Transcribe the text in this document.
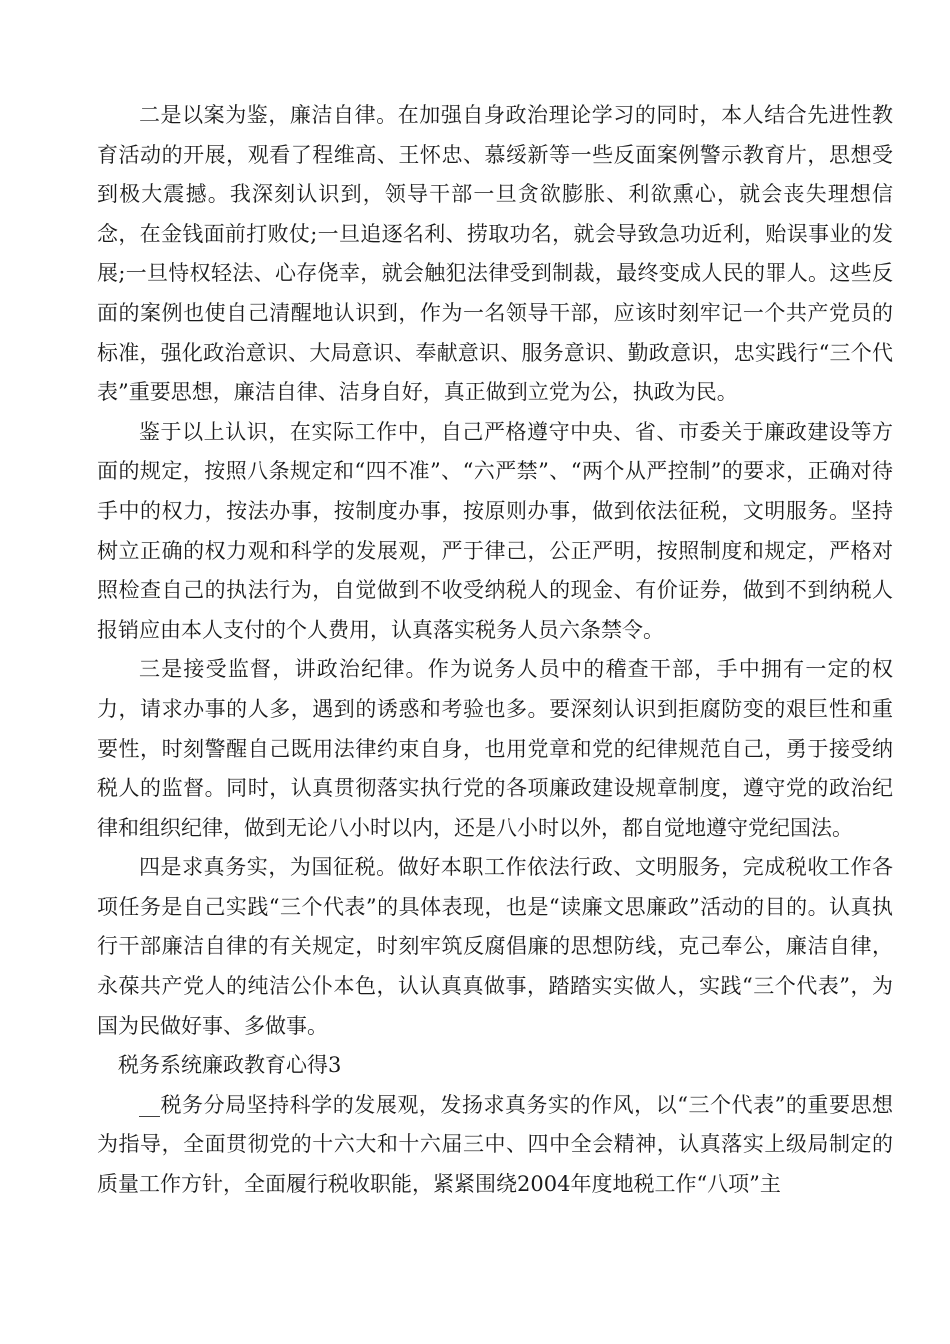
二是以案为鉴，廉洁自律。在加强自身政治理论学习的同时，本人结合先进性教育活动的开展，观看了程维高、王怀忠、慕绥新等一些反面案例警示教育片，思想受到极大震撼。我深刻认识到，领导干部一旦贪欲膨胀、利欲熏心，就会丧失理想信念，在金钱面前打败仗;一旦追逐名利、捞取功名，就会导致急功近利，贻误事业的发展;一旦恃权轻法、心存侥幸，就会触犯法律受到制裁，最终变成人民的罪人。这些反面的案例也使自己清醒地认识到，作为一名领导干部，应该时刻牢记一个共产党员的标准，强化政治意识、大局意识、奉献意识、服务意识、勤政意识，忠实践行“三个代表”重要思想，廉洁自律、洁身自好，真正做到立党为公，执政为民。

鉴于以上认识，在实际工作中，自己严格遵守中央、省、市委关于廉政建设等方面的规定，按照八条规定和“四不准”、“六严禁”、“两个从严控制”的要求，正确对待手中的权力，按法办事，按制度办事，按原则办事，做到依法征税，文明服务。坚持树立正确的权力观和科学的发展观，严于律己，公正严明，按照制度和规定，严格对照检查自己的执法行为，自觉做到不收受纳税人的现金、有价证券，做到不到纳税人报销应由本人支付的个人费用，认真落实税务人员六条禁令。

三是接受监督，讲政治纪律。作为说务人员中的稽查干部，手中拥有一定的权力，请求办事的人多，遇到的诱惑和考验也多。要深刻认识到拒腐防变的艰巨性和重要性，时刻警醒自己既用法律约束自身，也用党章和党的纪律规范自己，勇于接受纳税人的监督。同时，认真贯彻落实执行党的各项廉政建设规章制度，遵守党的政治纪律和组织纪律，做到无论八小时以内，还是八小时以外，都自觉地遵守党纪国法。

四是求真务实，为国征税。做好本职工作依法行政、文明服务，完成税收工作各项任务是自己实践“三个代表”的具体表现，也是“读廉文思廉政”活动的目的。认真执行干部廉洁自律的有关规定，时刻牢筑反腐倡廉的思想防线，克己奉公，廉洁自律，永葆共产党人的纯洁公仆本色，认认真真做事，踏踏实实做人，实践“三个代表”，为国为民做好事、多做事。

税务系统廉政教育心得3

__税务分局坚持科学的发展观，发扬求真务实的作风，以“三个代表”的重要思想为指导，全面贯彻党的十六大和十六届三中、四中全会精神，认真落实上级局制定的质量工作方针，全面履行税收职能，紧紧围绕2004年度地税工作“八项”主
